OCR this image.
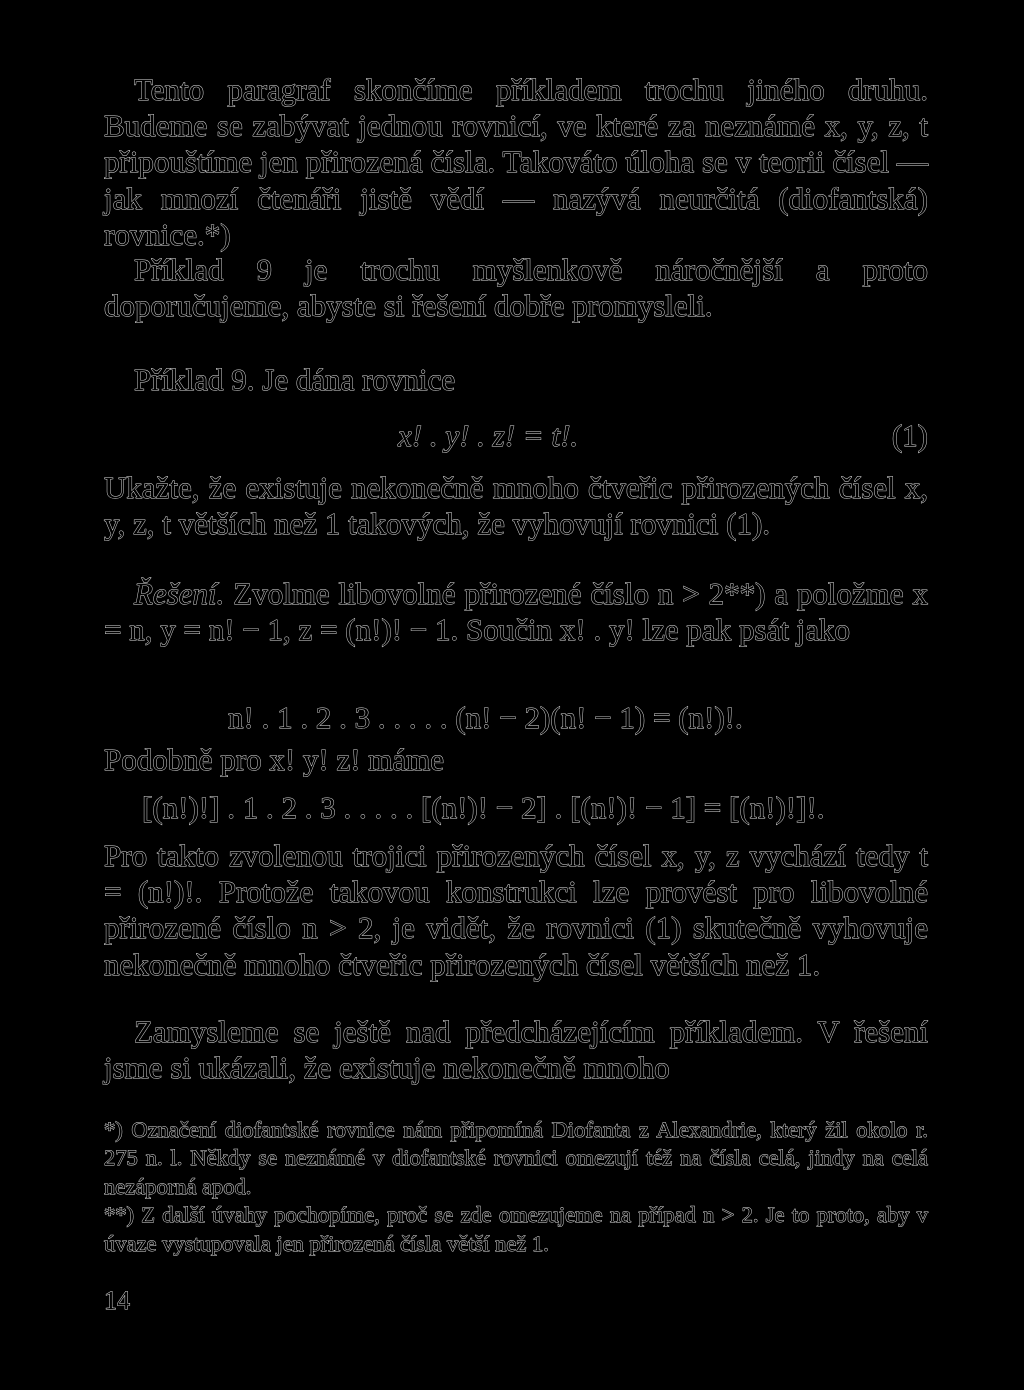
Tento paragraf skončíme příkladem trochu jiného druhu. Budeme se zabývat jednou rovnicí, ve které za neznámé x, y, z, t připouštíme jen přirozená čísla. Takováto úloha se v teorii čísel — jak mnozí čtenáři jistě vědí — nazývá neurčitá (diofantská) rovnice.*)

Příklad 9 je trochu myšlenkově náročnější a proto doporučujeme, abyste si řešení dobře promysleli.

Příklad 9. Je dána rovnice

x! . y! . z! = t!.	(1)

Ukažte, že existuje nekonečně mnoho čtveřic přirozených čísel x, y, z, t větších než 1 takových, že vyhovují rovnici (1).

Řešení. Zvolme libovolné přirozené číslo n > 2**) a položme x = n, y = n! − 1, z = (n!)! − 1. Součin x! . y! lze pak psát jako

n! . 1 . 2 . 3 . . . . . (n! − 2)(n! − 1) = (n!)!.

Podobně pro x! y! z! máme

[(n!)!] . 1 . 2 . 3 . . . . . [(n!)! − 2] . [(n!)! − 1] = [(n!)!]!.

Pro takto zvolenou trojici přirozených čísel x, y, z vychází tedy t = (n!)!. Protože takovou konstrukci lze provést pro libovolné přirozené číslo n > 2, je vidět, že rovnici (1) skutečně vyhovuje nekonečně mnoho čtveřic přirozených čísel větších než 1.

Zamysleme se ještě nad předcházejícím příkladem. V řešení jsme si ukázali, že existuje nekonečně mnoho

*) Označení diofantské rovnice nám připomíná Diofanta z Alexandrie, který žil okolo r. 275 n. l. Někdy se neznámé v diofantské rovnici omezují též na čísla celá, jindy na celá nezáporná apod.

**) Z další úvahy pochopíme, proč se zde omezujeme na případ n > 2. Je to proto, aby v úvaze vystupovala jen přirozená čísla větší než 1.

14
